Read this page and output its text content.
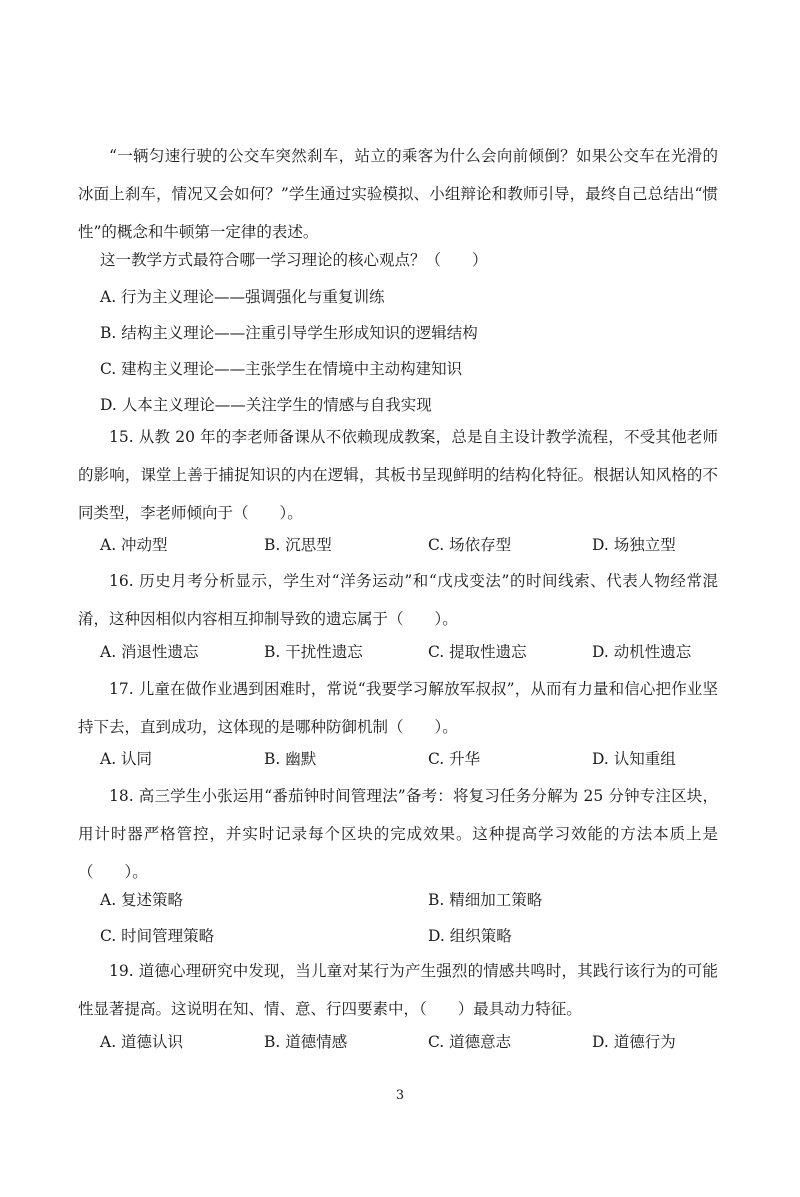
“一辆匀速行驶的公交车突然刹车，站立的乘客为什么会向前倾倒？如果公交车在光滑的冰面上刹车，情况又会如何？”学生通过实验模拟、小组辩论和教师引导，最终自己总结出“惯性”的概念和牛顿第一定律的表述。
这一教学方式最符合哪一学习理论的核心观点？（　　）
A. 行为主义理论——强调强化与重复训练
B. 结构主义理论——注重引导学生形成知识的逻辑结构
C. 建构主义理论——主张学生在情境中主动构建知识
D. 人本主义理论——关注学生的情感与自我实现
15. 从教 20 年的李老师备课从不依赖现成教案，总是自主设计教学流程，不受其他老师的影响，课堂上善于捕捉知识的内在逻辑，其板书呈现鲜明的结构化特征。根据认知风格的不同类型，李老师倾向于（　　）。
A. 冲动型	B. 沉思型	C. 场依存型	D. 场独立型
16. 历史月考分析显示，学生对“洋务运动”和“戊戌变法”的时间线索、代表人物经常混淆，这种因相似内容相互抑制导致的遗忘属于（　　）。
A. 消退性遗忘	B. 干扰性遗忘	C. 提取性遗忘	D. 动机性遗忘
17. 儿童在做作业遇到困难时，常说“我要学习解放军叔叔”，从而有力量和信心把作业坚持下去，直到成功，这体现的是哪种防御机制（　　）。
A. 认同	B. 幽默	C. 升华	D. 认知重组
18. 高三学生小张运用“番茄钟时间管理法”备考：将复习任务分解为 25 分钟专注区块，用计时器严格管控，并实时记录每个区块的完成效果。这种提高学习效能的方法本质上是（　　）。
A. 复述策略	B. 精细加工策略
C. 时间管理策略	D. 组织策略
19. 道德心理研究中发现，当儿童对某行为产生强烈的情感共鸣时，其践行该行为的可能性显著提高。这说明在知、情、意、行四要素中，（　　）最具动力特征。
A. 道德认识	B. 道德情感	C. 道德意志	D. 道德行为
3
